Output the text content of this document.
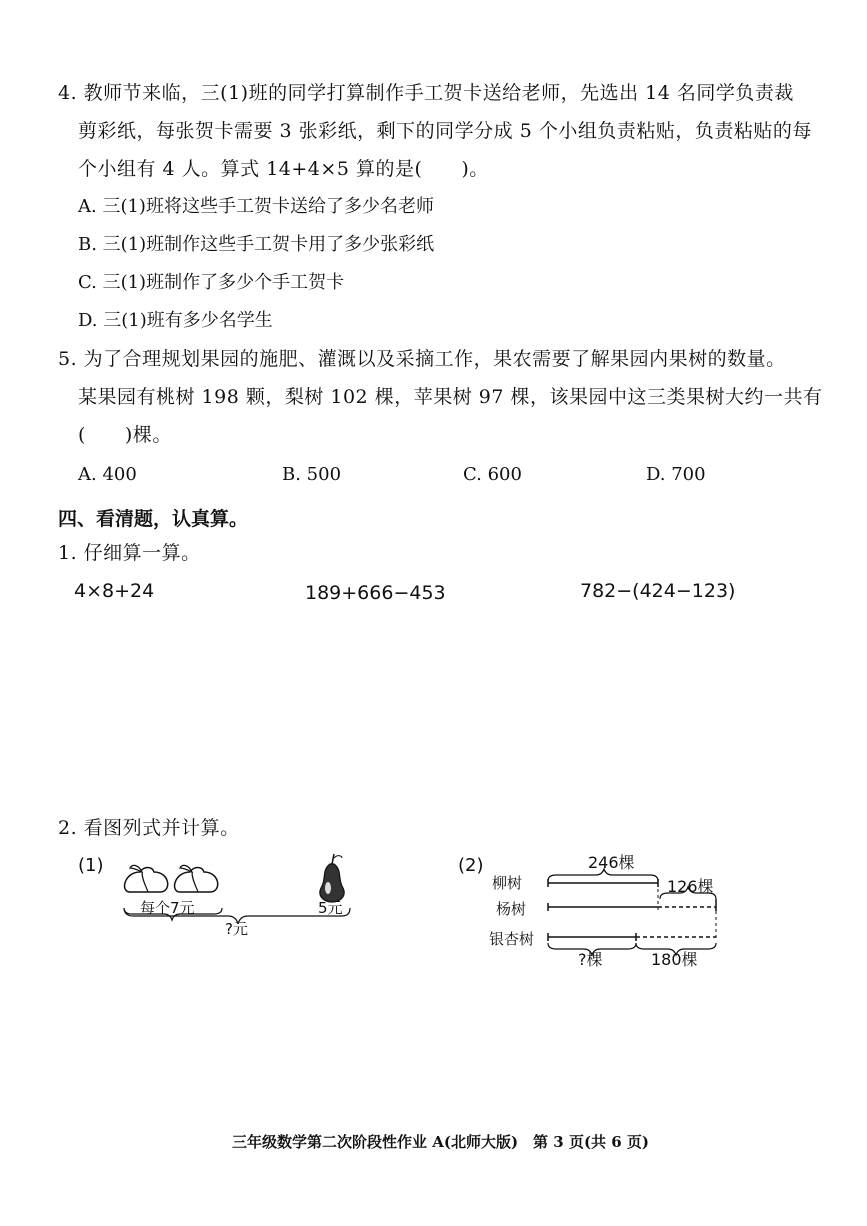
4. 教师节来临，三(1)班的同学打算制作手工贺卡送给老师，先选出 14 名同学负责裁
剪彩纸，每张贺卡需要 3 张彩纸，剩下的同学分成 5 个小组负责粘贴，负责粘贴的每
个小组有 4 人。算式 14+4×5 算的是(　　)。
A. 三(1)班将这些手工贺卡送给了多少名老师
B. 三(1)班制作这些手工贺卡用了多少张彩纸
C. 三(1)班制作了多少个手工贺卡
D. 三(1)班有多少名学生
5. 为了合理规划果园的施肥、灌溉以及采摘工作，果农需要了解果园内果树的数量。
某果园有桃树 198 颗，梨树 102 棵，苹果树 97 棵，该果园中这三类果树大约一共有
(　　)棵。
A. 400	B. 500	C. 600	D. 700
四、看清题，认真算。
1. 仔细算一算。
4×8+24	189+666−453	782−(424−123)
2. 看图列式并计算。
(1)
每个7元	5元
?元
(2)
柳树
杨树
银杏树
246棵
126棵
?棵	180棵
三年级数学第二次阶段性作业 A(北师大版)　第 3 页(共 6 页)
